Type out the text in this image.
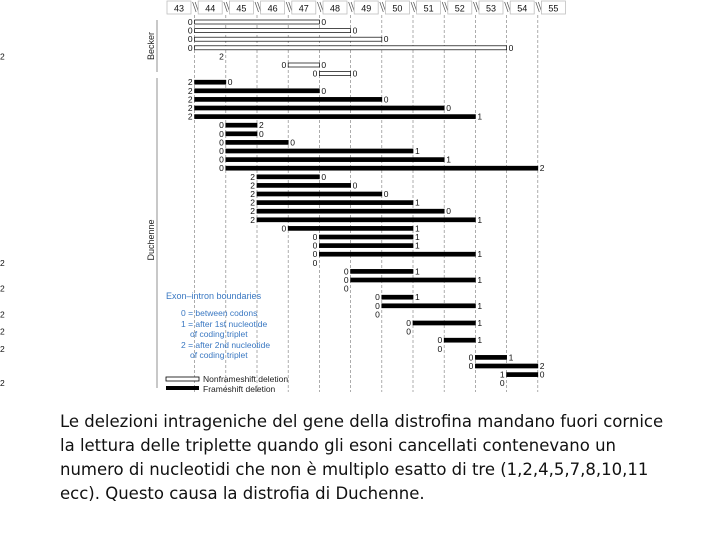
43 44 45 46 47 48 49 50 51 52 53 54 55
0	0
0	0
0	0
0	0
2
2
0	0
0	0
2	0
2	0
2	0
2	0
2	1
0	2
0	0
0	0
0	1
0	1
0	2
2	0
2	0
2	0
2	1
2	0
2	1
0	1
0	1
0	1
0	1
0
2
0	1
0	1
0
2
0	1
0	1
0
2
0	1
0
2
0	1
0
2
0	1
0	2
1	0
0
2
Becker
Duchenne
Exon–intron boundaries
0 = between codons
1 = after 1st nucleotide
of coding triplet
2 = after 2nd nucleotide
of coding triplet
Nonframeshift deletion
Frameshift deletion

Le delezioni intrageniche del gene della distrofina mandano fuori cornice la lettura delle triplette quando gli esoni cancellati contenevano un numero di nucleotidi che non è multiplo esatto di tre (1,2,4,5,7,8,10,11 ecc). Questo causa la distrofia di Duchenne.
